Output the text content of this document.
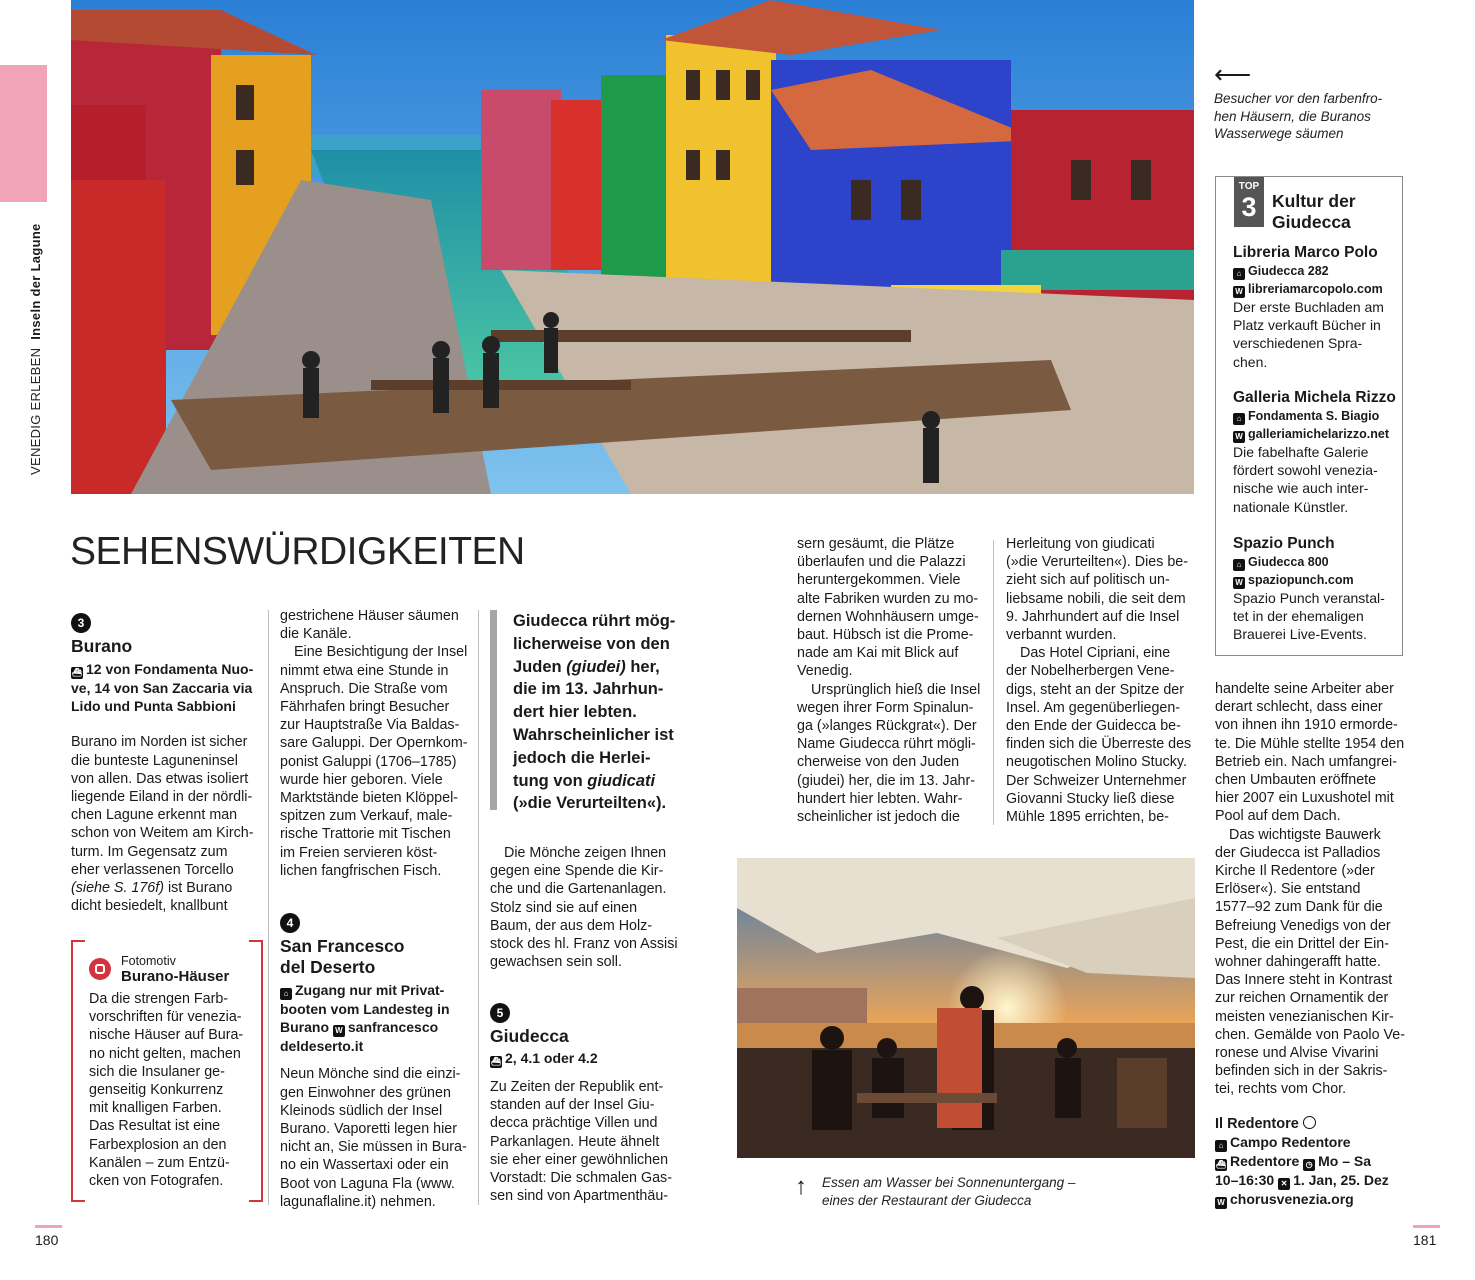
VENEDIG ERLEBEN Inseln der Lagune
⟵
Besucher vor den farbenfro-
hen Häusern, die Buranos
Wasserwege säumen
SEHENSWÜRDIGKEITEN
3
Burano
⛴ 12 von Fondamenta Nuo-
ve, 14 von San Zaccaria via
Lido und Punta Sabbioni
Burano im Norden ist sicher
die bunteste Laguneninsel
von allen. Das etwas isoliert
liegende Eiland in der nördli-
chen Lagune erkennt man
schon von Weitem am Kirch-
turm. Im Gegensatz zum
eher verlassenen Torcello
(siehe S. 176f) ist Burano
dicht besiedelt, knallbunt
Fotomotiv
Burano-Häuser
Da die strengen Farb-
vorschriften für venezia-
nische Häuser auf Bura-
no nicht gelten, machen
sich die Insulaner ge-
genseitig Konkurrenz
mit knalligen Farben.
Das Resultat ist eine
Farbexplosion an den
Kanälen – zum Entzü-
cken von Fotografen.
gestrichene Häuser säumen
die Kanäle.
Eine Besichtigung der Insel
nimmt etwa eine Stunde in
Anspruch. Die Straße vom
Fährhafen bringt Besucher
zur Hauptstraße Via Baldas-
sare Galuppi. Der Opernkom-
ponist Galuppi (1706–1785)
wurde hier geboren. Viele
Marktstände bieten Klöppel-
spitzen zum Verkauf, male-
rische Trattorie mit Tischen
im Freien servieren köst-
lichen fangfrischen Fisch.
4
San Francesco
del Deserto
⌂ Zugang nur mit Privat-
booten vom Landesteg in
Burano W sanfrancesco
deldeserto.it
Neun Mönche sind die einzi-
gen Einwohner des grünen
Kleinods südlich der Insel
Burano. Vaporetti legen hier
nicht an, Sie müssen in Bura-
no ein Wassertaxi oder ein
Boot von Laguna Fla (www.
lagunaflaline.it) nehmen.
Giudecca rührt mög-
licherweise von den
Juden (giudei) her,
die im 13. Jahrhun-
dert hier lebten.
Wahrscheinlicher ist
jedoch die Herlei-
tung von giudicati
(»die Verurteilten«).
Die Mönche zeigen Ihnen
gegen eine Spende die Kir-
che und die Gartenanlagen.
Stolz sind sie auf einen
Baum, der aus dem Holz-
stock des hl. Franz von Assisi
gewachsen sein soll.
5
Giudecca
⛴ 2, 4.1 oder 4.2
Zu Zeiten der Republik ent-
standen auf der Insel Giu-
decca prächtige Villen und
Parkanlagen. Heute ähnelt
sie eher einer gewöhnlichen
Vorstadt: Die schmalen Gas-
sen sind von Apartmenthäu-
sern gesäumt, die Plätze
überlaufen und die Palazzi
heruntergekommen. Viele
alte Fabriken wurden zu mo-
dernen Wohnhäusern umge-
baut. Hübsch ist die Prome-
nade am Kai mit Blick auf
Venedig.
Ursprünglich hieß die Insel
wegen ihrer Form Spinalun-
ga (»langes Rückgrat«). Der
Name Giudecca rührt mögli-
cherweise von den Juden
(giudei) her, die im 13. Jahr-
hundert hier lebten. Wahr-
scheinlicher ist jedoch die
Herleitung von giudicati
(»die Verurteilten«). Dies be-
zieht sich auf politisch un-
liebsame nobili, die seit dem
9. Jahrhundert auf die Insel
verbannt wurden.
Das Hotel Cipriani, eine
der Nobelherbergen Vene-
digs, steht an der Spitze der
Insel. Am gegenüberliegen-
den Ende der Guidecca be-
finden sich die Überreste des
neugotischen Molino Stucky.
Der Schweizer Unternehmer
Giovanni Stucky ließ diese
Mühle 1895 errichten, be-
↑ Essen am Wasser bei Sonnenuntergang –
eines der Restaurant der Giudecca
TOP
3 Kultur der
Giudecca
Libreria Marco Polo
⌂ Giudecca 282
W libreriamarcopolo.com
Der erste Buchladen am
Platz verkauft Bücher in
verschiedenen Spra-
chen.
Galleria Michela Rizzo
⌂ Fondamenta S. Biagio
W galleriamichelarizzo.net
Die fabelhafte Galerie
fördert sowohl venezia-
nische wie auch inter-
nationale Künstler.
Spazio Punch
⌂ Giudecca 800
W spaziopunch.com
Spazio Punch veranstal-
tet in der ehemaligen
Brauerei Live-Events.
handelte seine Arbeiter aber
derart schlecht, dass einer
von ihnen ihn 1910 ermorde-
te. Die Mühle stellte 1954 den
Betrieb ein. Nach umfangrei-
chen Umbauten eröffnete
hier 2007 ein Luxushotel mit
Pool auf dem Dach.
Das wichtigste Bauwerk
der Giudecca ist Palladios
Kirche Il Redentore (»der
Erlöser«). Sie entstand
1577–92 zum Dank für die
Befreiung Venedigs von der
Pest, die ein Drittel der Ein-
wohner dahingerafft hatte.
Das Innere steht in Kontrast
zur reichen Ornamentik der
meisten venezianischen Kir-
chen. Gemälde von Paolo Ve-
ronese und Alvise Vivarini
befinden sich in der Sakris-
tei, rechts vom Chor.
Il Redentore
⌂ Campo Redentore
⛴ Redentore ◷ Mo – Sa
10–16:30 ✕ 1. Jan, 25. Dez
W chorusvenezia.org
180	181
